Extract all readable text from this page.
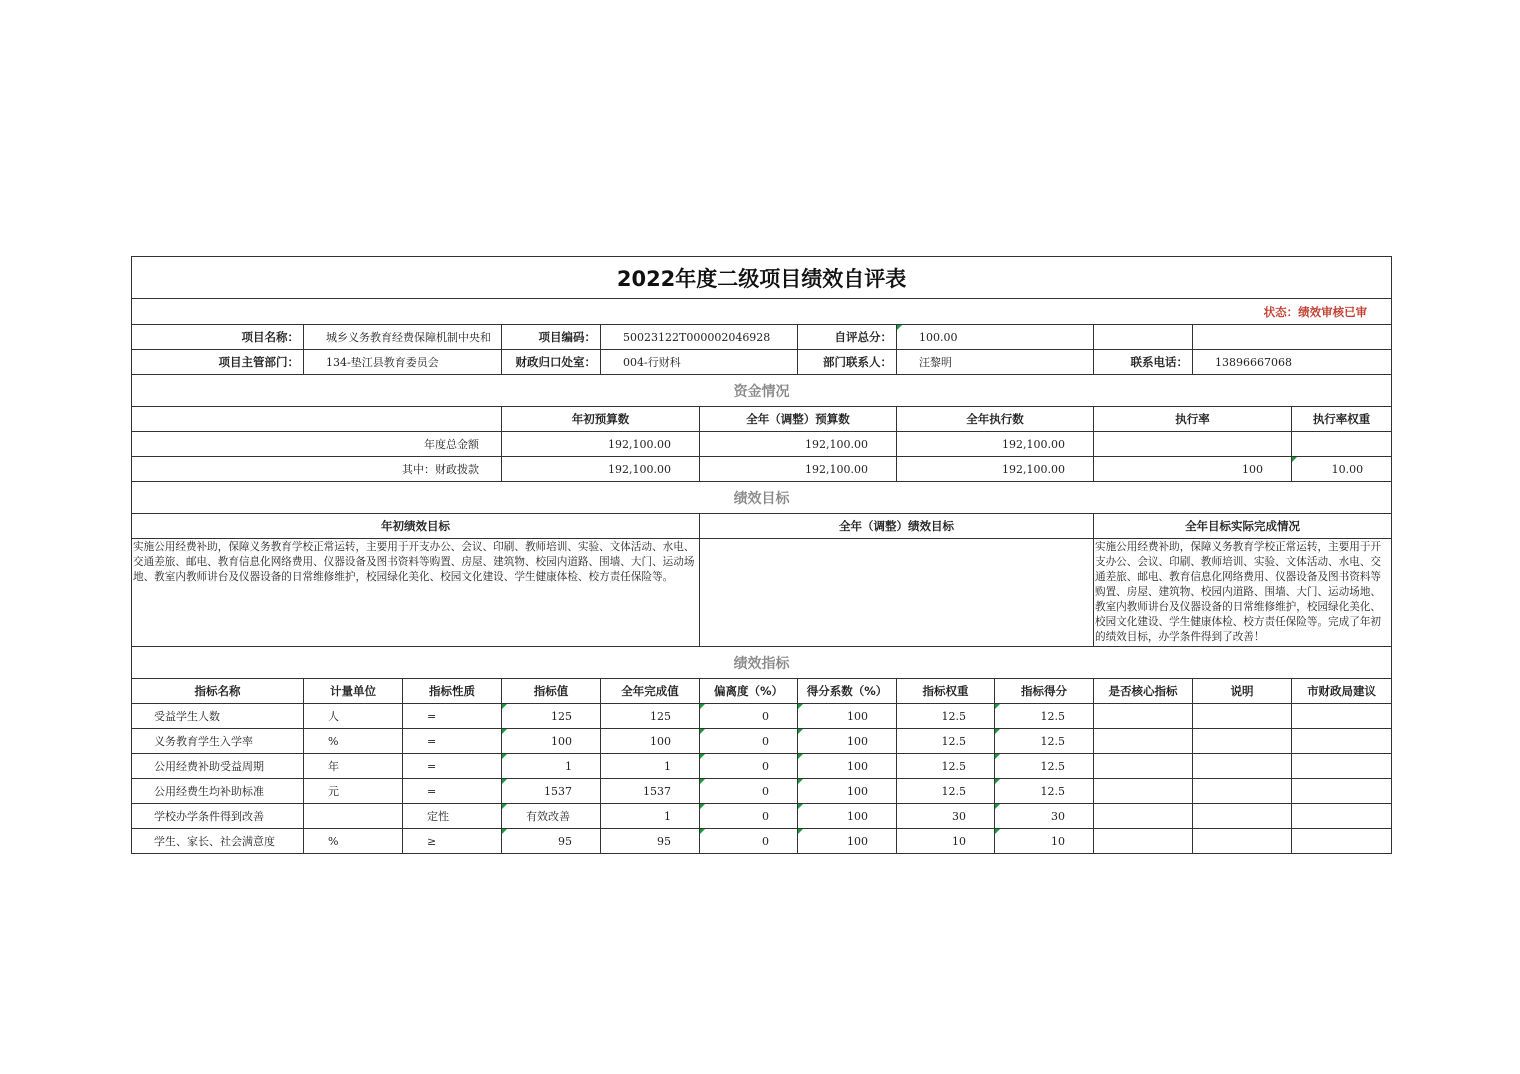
2022年度二级项目绩效自评表												
状态：绩效审核已审												
项目名称：	城乡义务教育经费保障机制中央和		项目编码：	50023122T000002046928		自评总分：	100.00					
项目主管部门：	134-垫江县教育委员会		财政归口处室：	004-行财科		部门联系人：	汪黎明		联系电话：	13896667068		
资金情况												
			年初预算数		全年（调整）预算数		全年执行数		执行率		执行率权重	
年度总金额			192,100.00		192,100.00		192,100.00					
其中：财政拨款			192,100.00		192,100.00		192,100.00		100		10.00	
绩效目标												
年初绩效目标					全年（调整）绩效目标				全年目标实际完成情况			
实施公用经费补助，保障义务教育学校正常运转，主要用于开支办公、会议、印刷、教师培训、实验、文体活动、水电、交通差旅、邮电、教育信息化网络费用、仪器设备及图书资料等购置、房屋、建筑物、校园内道路、围墙、大门、运动场地、教室内教师讲台及仪器设备的日常维修维护，校园绿化美化、校园文化建设、学生健康体检、校方责任保险等。									实施公用经费补助，保障义务教育学校正常运转，主要用于开支办公、会议、印刷、教师培训、实验、文体活动、水电、交通差旅、邮电、教育信息化网络费用、仪器设备及图书资料等购置、房屋、建筑物、校园内道路、围墙、大门、运动场地、教室内教师讲台及仪器设备的日常维修维护，校园绿化美化、校园文化建设、学生健康体检、校方责任保险等。完成了年初的绩效目标，办学条件得到了改善！			
绩效指标												
指标名称	计量单位	指标性质	指标值	全年完成值	偏离度（%）	得分系数（%）	指标权重	指标得分	是否核心指标	说明	市财政局建议	
受益学生人数	人	=	125	125	0	100	12.5	12.5				
义务教育学生入学率	%	=	100	100	0	100	12.5	12.5				
公用经费补助受益周期	年	=	1	1	0	100	12.5	12.5				
公用经费生均补助标准	元	=	1537	1537	0	100	12.5	12.5				
学校办学条件得到改善		定性	有效改善	1	0	100	30	30				
学生、家长、社会满意度	%	≥	95	95	0	100	10	10				
